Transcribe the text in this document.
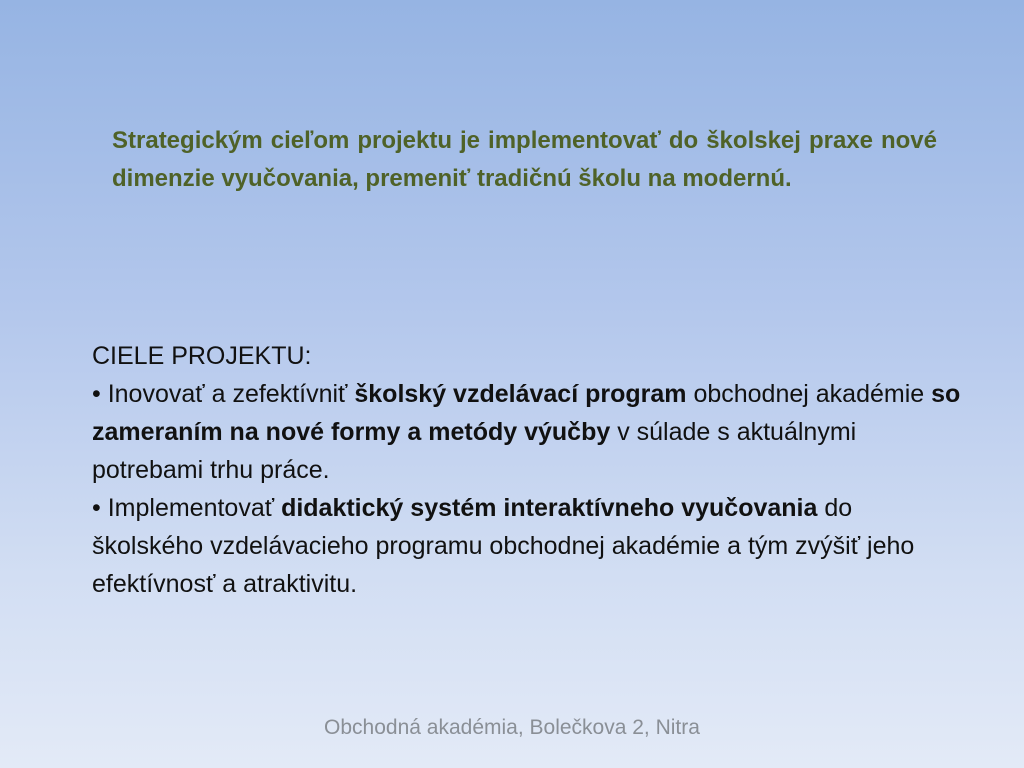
Strategickým cieľom projektu je implementovať do školskej praxe nové dimenzie vyučovania, premeniť tradičnú školu na modernú.

CIELE PROJEKTU:
• Inovovať a zefektívniť školský vzdelávací program obchodnej akadémie so zameraním na nové formy a metódy výučby v súlade s aktuálnymi potrebami trhu práce.
• Implementovať didaktický systém interaktívneho vyučovania do školského vzdelávacieho programu obchodnej akadémie a tým zvýšiť jeho efektívnosť a atraktivitu.
Obchodná akadémia, Bolečkova 2, Nitra
